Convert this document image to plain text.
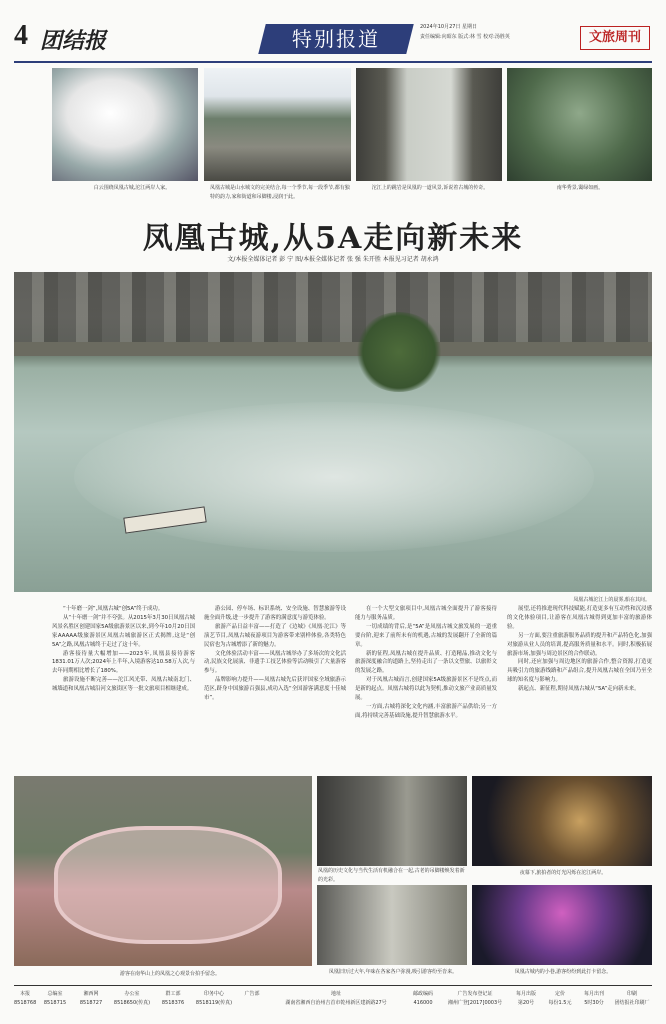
4 团结报	特别报道	2024年10月27日 星期日
责任编辑:向昭东 版式:林 雪 校对:汤胜英	文旅周刊
白云围绕凤凰古城,沱江两岸人家。	凤凰古城是山水城文的完美结合,每一个季节,每一段季节,都有独特的韵力,家和街道和吊脚楼,浸润于此。
沱江上的跳岩是凤凰的一道风景,诉说着古城的传奇。	南华秀景,霭绿如画。
凤凰古城,从5A走向新未来
文/本报全媒体记者 彭 宁 图/本报全媒体记者 张 强 朱开胜 本报见习记者 胡永鸿
凤凰古城沱江上的晨雾,船在其间。

“十年磨一剑”,凤凰古城“创5A”终于成功。

从“十年磨一剑”并不夸张。从2015年3月30日凤凰古城风景名胜区创建国家5A级旅游景区以来,到今年10月20日国家AAAAA级旅游景区凤凰古城旅游区正式揭牌,这是“创5A”之路,凤凰古城终于走过了这十年。

游客接待量大幅增加——2023年,凤凰县接待游客1831.01万人次;2024年上半年,入境游客达10.58万人次,与去年同期相比增长了180%。

旅游设施不断完善——沱江风光带、凤凰古城南北门、城墙道和凤凰古城沿河文旅街区等一批文旅项目相继建成。

游公园、停车场、标识系统、安全设施、智慧旅游等设施全面升级,进一步提升了游客的满意度与游览体验。

旅游产品日益丰富——打造了《边城》《凤凰·沱江》等演艺节目,凤凰古城夜游项目为游客带来别样体验,各类特色民宿也为古城增添了新的魅力。

文化体验活动丰富——凤凰古城举办了多场次的文化活动,民族文化展演、非遗手工技艺体验等活动吸引了大量游客参与。

品牌影响力提升——凤凰古城先后获评国家全域旅游示范区,跻身中国旅游百强县,成功入选“全国游客满意度十佳城市”。

在一个大型文旅项目中,凤凰古城全面提升了游客接待能力与服务品质。

一切成绩的背后,是“5A”是凤凰古城文旅发展的一道重要台阶,迎来了前所未有的机遇,古城的发展翻开了全新的篇章。

新的征程,凤凰古城在提升品质、打造精品,推动文化与旅游深度融合的道路上,坚持走出了一条以文塑旅、以旅彰文的发展之路。

对于凤凰古城而言,创建国家5A级旅游景区不是终点,而是新的起点。凤凰古城将以此为契机,推动文旅产业高质量发展。

一方面,古城将深化文化内涵,丰富旅游产品供给;另一方面,将持续完善基础设施,提升智慧旅游水平。

展望,还将推进现代科技赋能,打造更多有互动性和沉浸感的文化体验项目,让游客在凤凰古城得到更加丰富的旅游体验。

另一方面,要注重旅游服务品质的提升和产品特色化,加强对旅游从业人员的培训,提高服务质量和水平。同时,积极拓展旅游市场,加强与周边景区的合作联动。

同时,还应加强与周边地区的旅游合作,整合资源,打造更具吸引力的旅游线路和产品组合,提升凤凰古城在全国乃至全球的知名度与影响力。

新起点、新征程,期待凤凰古城从“5A”走向新未来。

游客在南华山上的凤凰之心观景台拍手留念。
凤凰的历史文化与当代生活有机融合在一起,古老的吊脚楼焕发着新的光彩。
夜幕下,旅拍者的灯光闪烁在沱江两岸。
凤凰旧历过大年,年味在各家各户弥漫,吸引游客纷至沓来。	凤凰古城内的小巷,游客纷纷到此打卡留念。
本报
8518768
总编室
8518715
湘西网
8518727
办公室
8518650(传真)
群工部
8518376
印务中心
8518119(传真)
广告部	地址
湖南省湘西自治州吉首市乾州新区建新路27号
邮政编码
416000
广告发布登记证
湘州广登[2017]0003号
每月出版
第20号
定价
每份1.5元
每月出刊
5时30分
印刷
团结报社印刷厂
